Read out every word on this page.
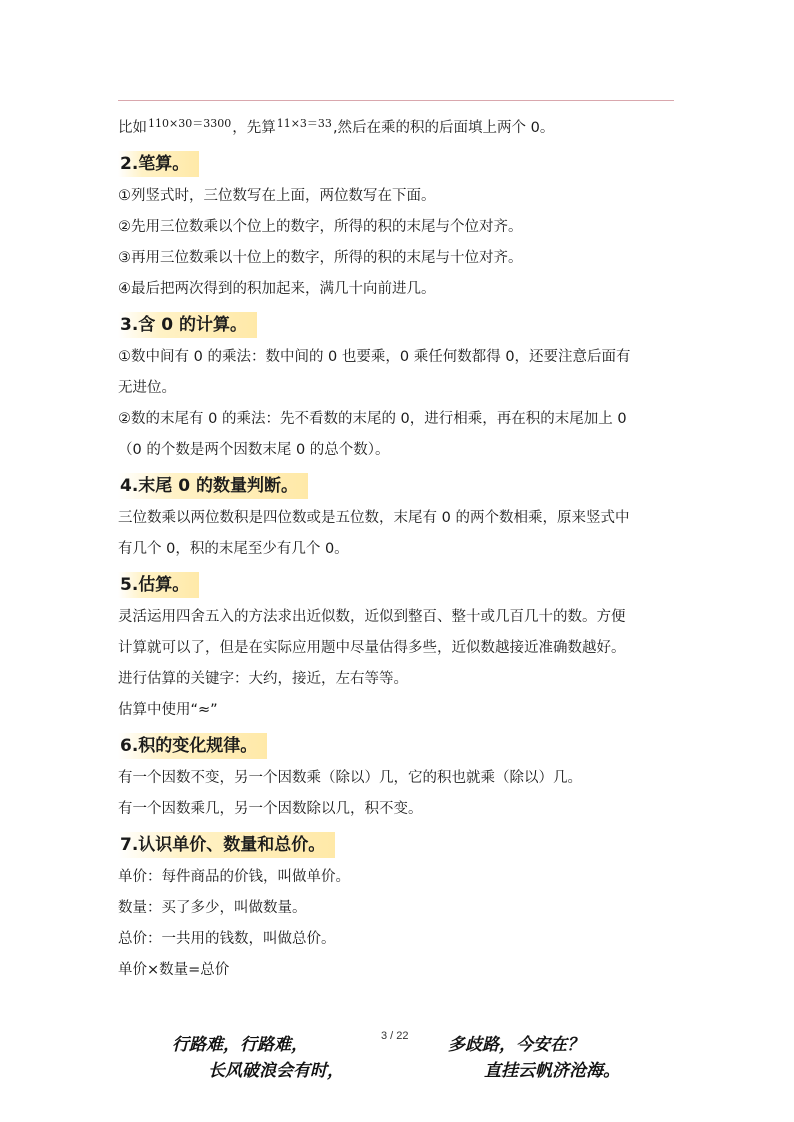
比如$^{110\times 30=3300}$，先算$^{11\times 3=33}$,然后在乘的积的后面填上两个 0。
2.笔算。
①列竖式时，三位数写在上面，两位数写在下面。
②先用三位数乘以个位上的数字，所得的积的末尾与个位对齐。
③再用三位数乘以十位上的数字，所得的积的末尾与十位对齐。
④最后把两次得到的积加起来，满几十向前进几。
3.含 0 的计算。
①数中间有 0 的乘法：数中间的 0 也要乘，0 乘任何数都得 0，还要注意后面有
无进位。
②数的末尾有 0 的乘法：先不看数的末尾的 0，进行相乘，再在积的末尾加上 0
（0 的个数是两个因数末尾 0 的总个数）。
4.末尾 0 的数量判断。
三位数乘以两位数积是四位数或是五位数，末尾有 0 的两个数相乘，原来竖式中
有几个 0，积的末尾至少有几个 0。
5.估算。
灵活运用四舍五入的方法求出近似数，近似到整百、整十或几百几十的数。方便
计算就可以了，但是在实际应用题中尽量估得多些，近似数越接近准确数越好。
进行估算的关键字：大约，接近，左右等等。
估算中使用“≈”
6.积的变化规律。
有一个因数不变，另一个因数乘（除以）几，它的积也就乘（除以）几。
有一个因数乘几，另一个因数除以几，积不变。
7.认识单价、数量和总价。
单价：每件商品的价钱，叫做单价。
数量：买了多少，叫做数量。
总价：一共用的钱数，叫做总价。
单价×数量=总价
行路难，行路难，	3 / 22 多歧路，今安在？
长风破浪会有时，	直挂云帆济沧海。
